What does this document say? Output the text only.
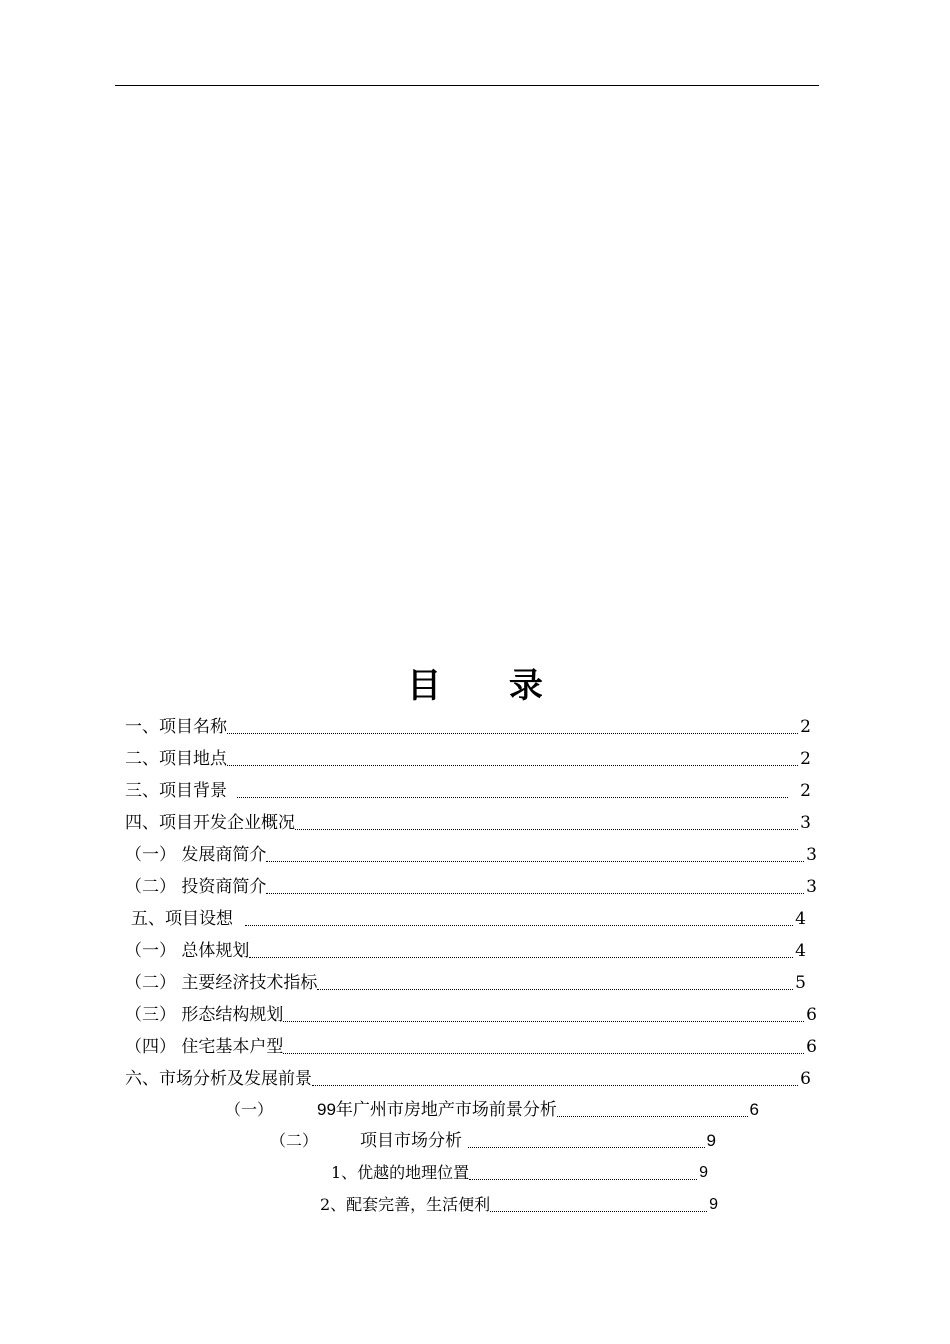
目 录
一、项目名称	2
二、项目地点	2
三、项目背景	2
四、项目开发企业概况	3
（一） 发展商简介	3
（二） 投资商简介	3
五、项目设想	4
（一） 总体规划	4
（二） 主要经济技术指标	5
（三） 形态结构规划	6
（四） 住宅基本户型	6
六、市场分析及发展前景	6
（一）	99年广州市房地产市场前景分析	6
（二） 项目市场分析	9
1、优越的地理位置	9
2、配套完善，生活便利	9
